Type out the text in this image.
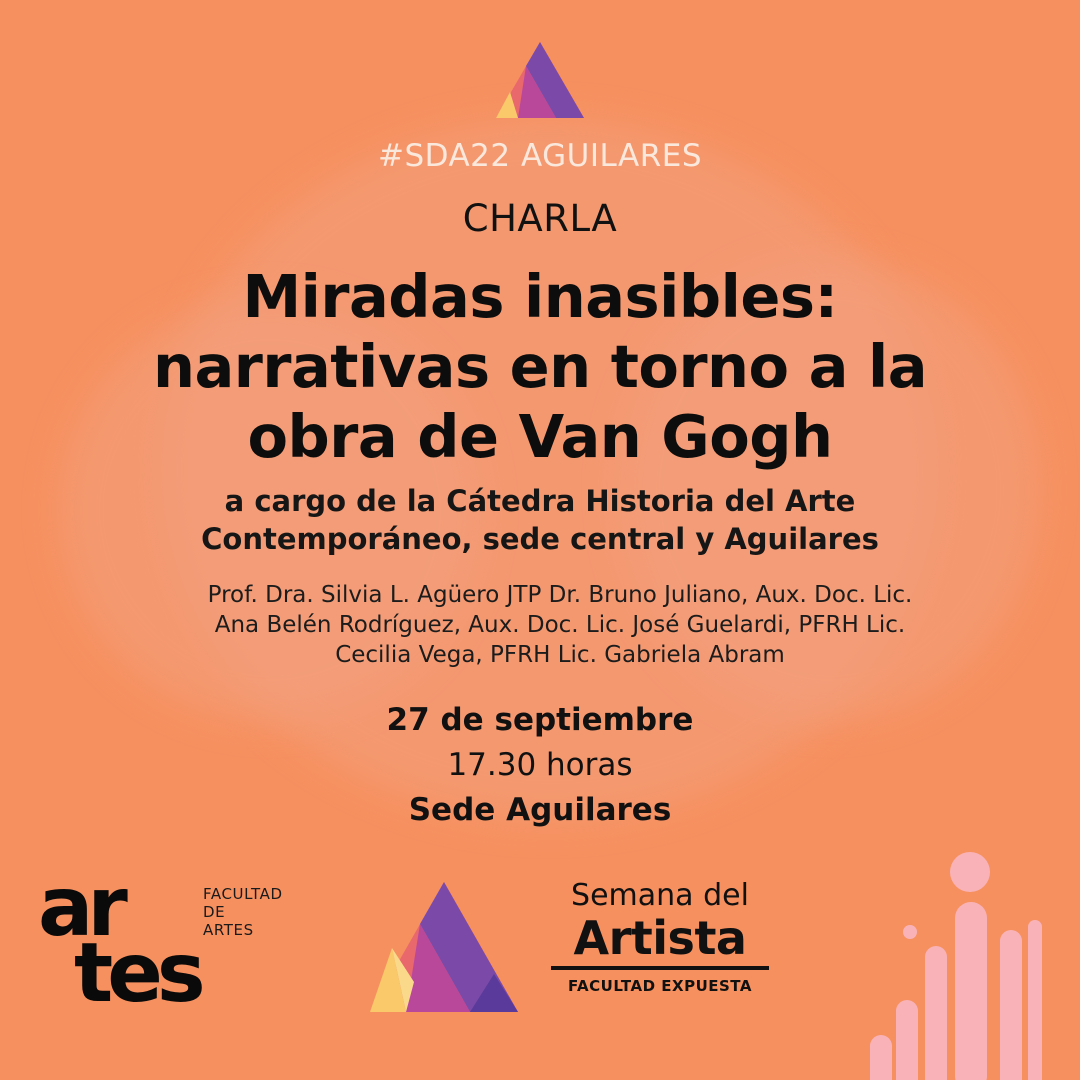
#SDA22 AGUILARES
CHARLA
Miradas inasibles:
narrativas en torno a la
obra de Van Gogh
a cargo de la Cátedra Historia del Arte
Contemporáneo, sede central y Aguilares
Prof. Dra. Silvia L. Agüero JTP Dr. Bruno Juliano, Aux. Doc. Lic.
Ana Belén Rodríguez, Aux. Doc. Lic. José Guelardi, PFRH Lic.
Cecilia Vega, PFRH Lic. Gabriela Abram
27 de septiembre
17.30 horas
Sede Aguilares
ar
tes
FACULTAD
DE
ARTES
Semana del
Artista
FACULTAD EXPUESTA
